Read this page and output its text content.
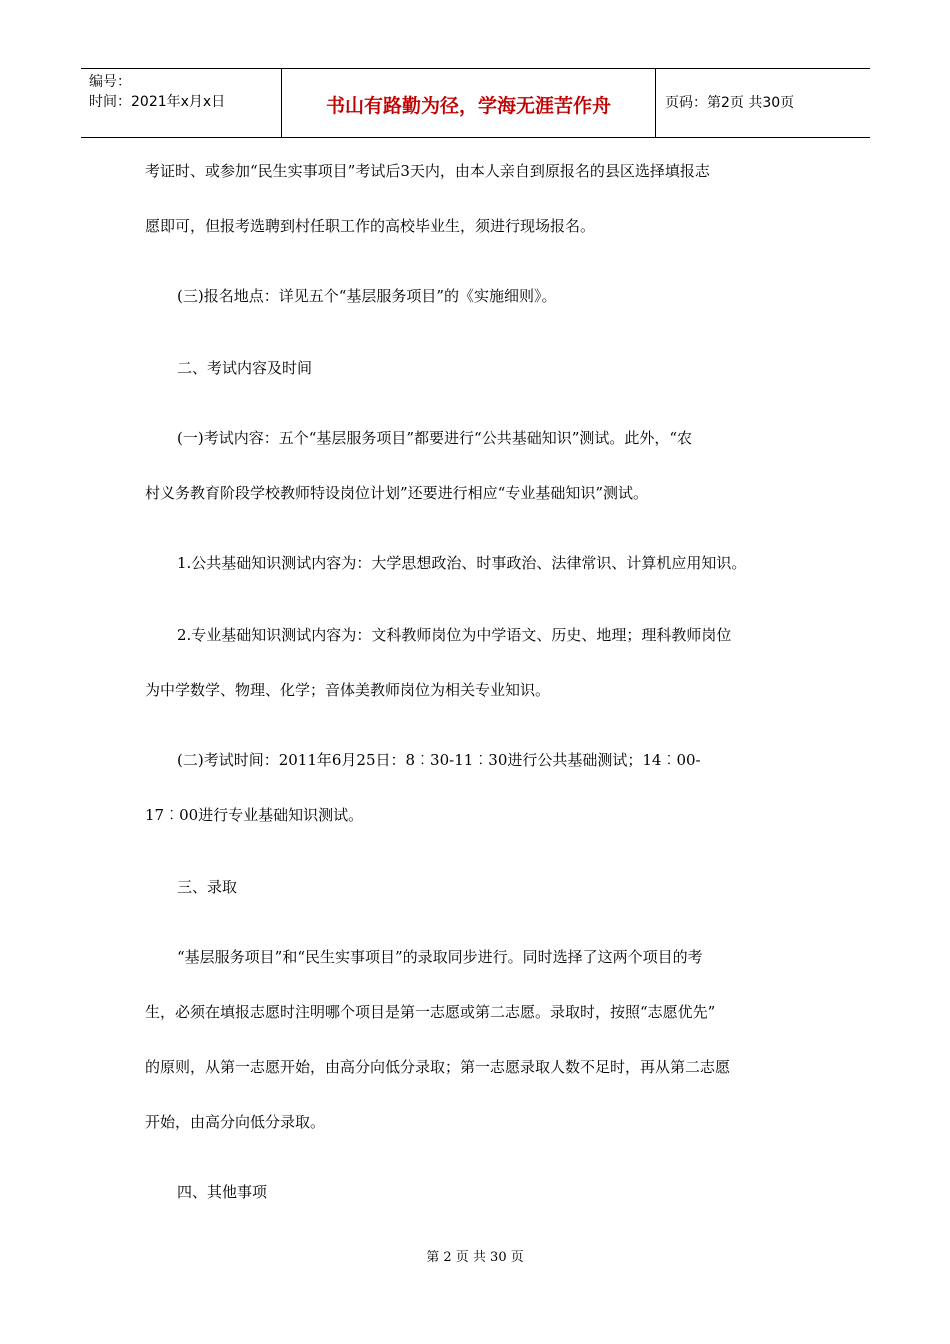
编号：
时间：2021年x月x日	书山有路勤为径，学海无涯苦作舟	页码：第2页 共30页
考证时、或参加“民生实事项目”考试后3天内，由本人亲自到原报名的县区选择填报志
愿即可，但报考选聘到村任职工作的高校毕业生，须进行现场报名。
(三)报名地点：详见五个“基层服务项目”的《实施细则》。
二、考试内容及时间
(一)考试内容：五个“基层服务项目”都要进行“公共基础知识”测试。此外，“农
村义务教育阶段学校教师特设岗位计划”还要进行相应“专业基础知识”测试。
1.公共基础知识测试内容为：大学思想政治、时事政治、法律常识、计算机应用知识。
2.专业基础知识测试内容为：文科教师岗位为中学语文、历史、地理；理科教师岗位
为中学数学、物理、化学；音体美教师岗位为相关专业知识。
(二)考试时间：2011年6月25日：8︰30-11︰30进行公共基础测试；14︰00-
17︰00进行专业基础知识测试。
三、录取
“基层服务项目”和“民生实事项目”的录取同步进行。同时选择了这两个项目的考
生，必须在填报志愿时注明哪个项目是第一志愿或第二志愿。录取时，按照“志愿优先”
的原则，从第一志愿开始，由高分向低分录取；第一志愿录取人数不足时，再从第二志愿
开始，由高分向低分录取。
四、其他事项
第 2 页 共 30 页
